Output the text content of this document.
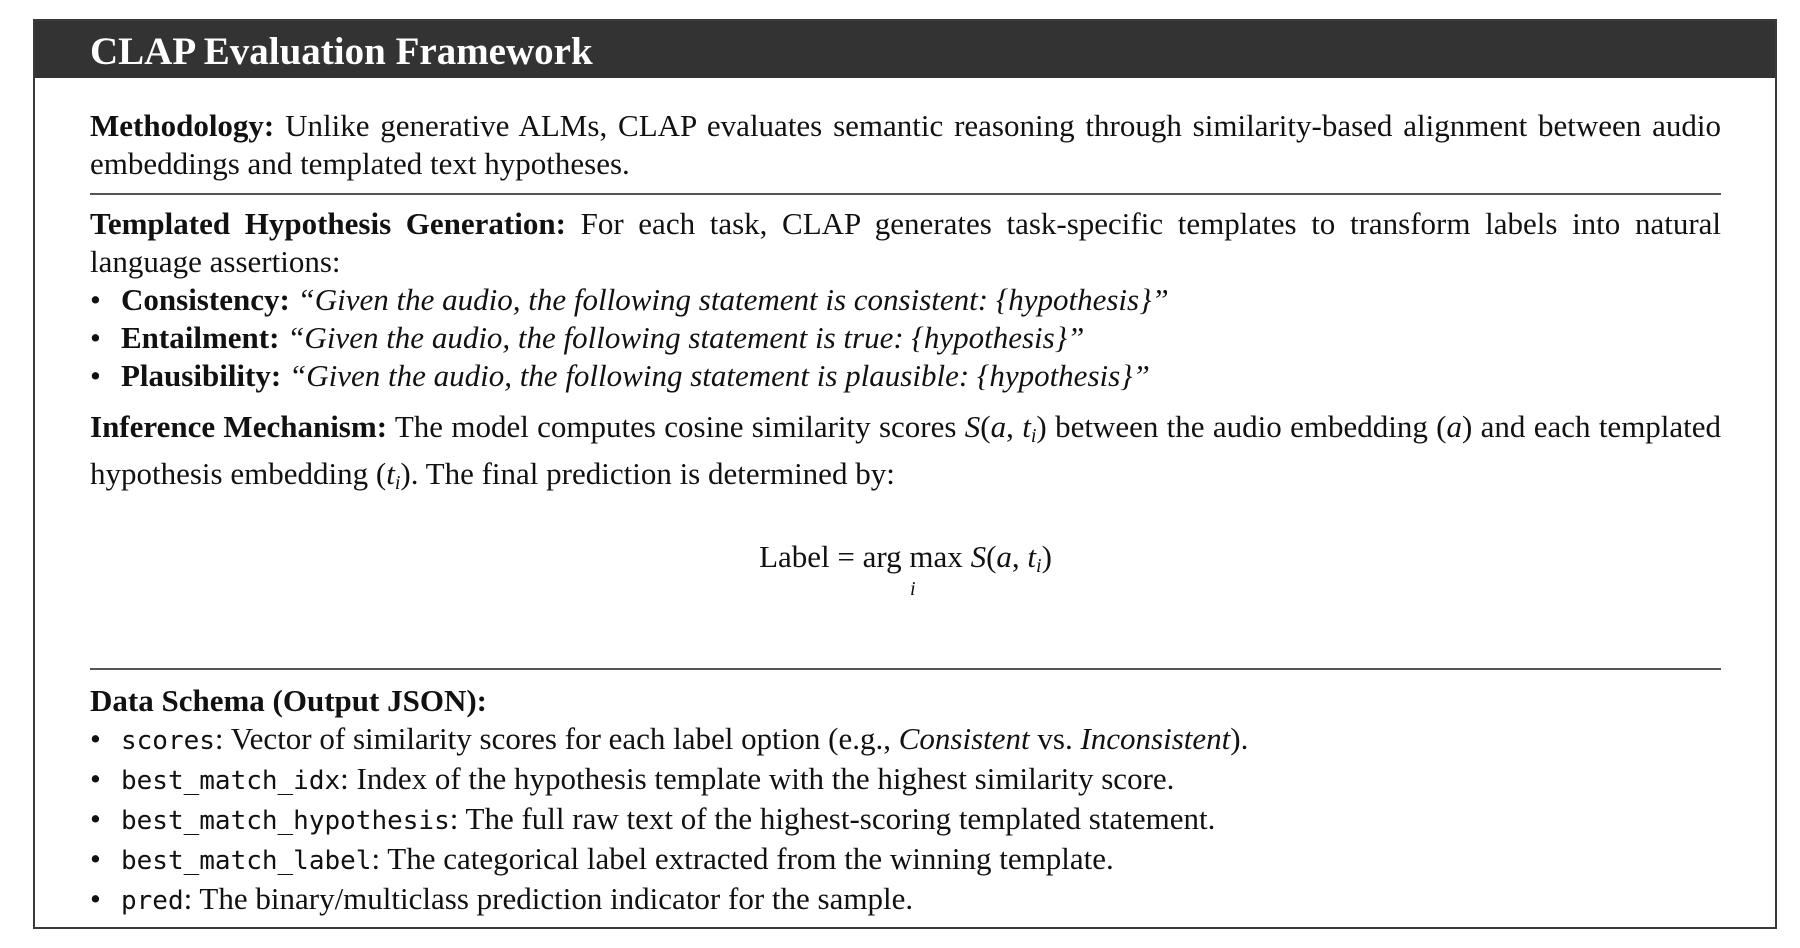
CLAP Evaluation Framework

Methodology: Unlike generative ALMs, CLAP evaluates semantic reasoning through similarity-based alignment between audio embeddings and templated text hypotheses.

Templated Hypothesis Generation: For each task, CLAP generates task-specific templates to transform labels into natural language assertions:

• Consistency: “Given the audio, the following statement is consistent: {hypothesis}”
• Entailment: “Given the audio, the following statement is true: {hypothesis}”
• Plausibility: “Given the audio, the following statement is plausible: {hypothesis}”

Inference Mechanism: The model computes cosine similarity scores S(a, $t_i$) between the audio embedding (a) and each templated hypothesis embedding $(t_i)$. The final prediction is determined by:

Label = arg max
i
S(a, $t_i$)

Data Schema (Output JSON):

• scores: Vector of similarity scores for each label option (e.g., Consistent vs. Inconsistent).
• best_match_idx: Index of the hypothesis template with the highest similarity score.
• best_match_hypothesis: The full raw text of the highest-scoring templated statement.
• best_match_label: The categorical label extracted from the winning template.
• pred: The binary/multiclass prediction indicator for the sample.
